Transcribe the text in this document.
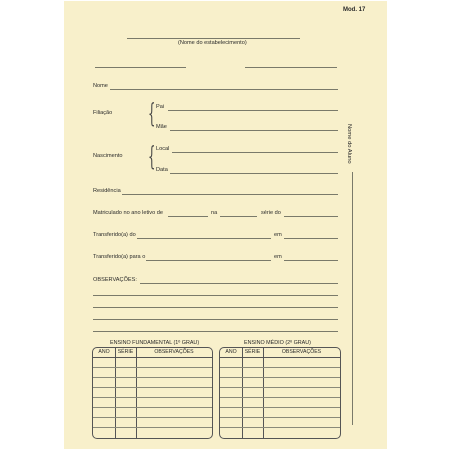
Mod. 17
(Nome do estabelecimento)
Nome
Filiação { Pai
Mãe
Nascimento { Local
Data
Residência
Matriculado no ano letivo de	na	série do
Transferido(a) do	em
Transferido(a) para o	em
OBSERVAÇÕES:
Nome do Aluno
ENSINO FUNDAMENTAL (1º GRAU)
ANO	SÉRIE	OBSERVAÇÕES
ENSINO MÉDIO (2º GRAU)
ANO	SÉRIE	OBSERVAÇÕES
